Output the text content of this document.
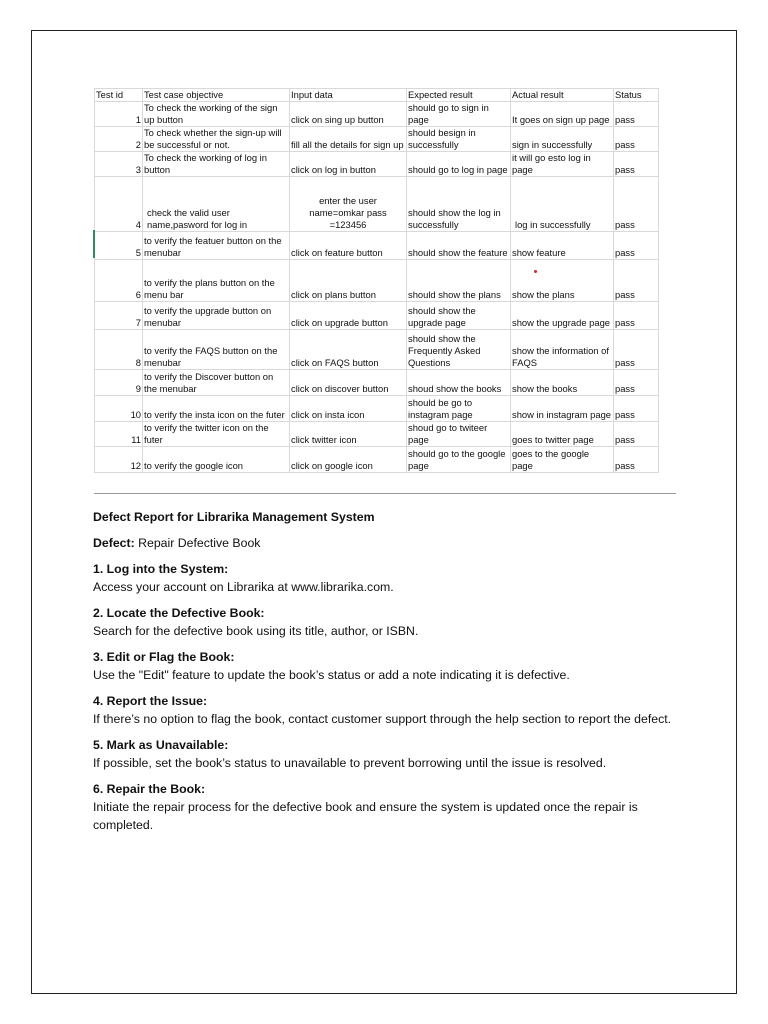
Test id	Test case objective	Input data	Expected result	Actual result	Status
1	To check the working of the sign up button	click on sing up button	should go to sign in page	It goes on sign up page	pass
2	To check whether the sign-up will be successful or not.	fill all the details for sign up	should besign in successfully	sign in successfully	pass
3	To check the working of log in button	click on log in button	should go to log in page	it will go esto log in page	pass
4	check the valid user name,pasword for log in	enter the user name=omkar pass =123456	should show the log in successfully	log in successfully	pass
5	to verify the featuer button on the menubar	click on feature button	should show the feature	show feature	pass
6	to verify the plans button on the menu bar	click on plans button	should show the plans	show the plans	pass
7	to verify the upgrade button on menubar	click on upgrade button	should show the upgrade page	show the upgrade page	pass
8	to verify the FAQS button on the menubar	click on FAQS button	should show the Frequently Asked Questions	show the information of FAQS	pass
9	to verify the Discover button on the menubar	click on discover button	shoud show the books	show the books	pass
10	to verify the insta icon on the futer	click on insta icon	should be go to instagram page	show in instagram page	pass
11	to verify the twitter icon on the futer	click twitter icon	shoud go to twiteer page	goes to twitter page	pass
12	to verify the google icon	click on google icon	should go to the google page	goes to the google page	pass
Defect Report for Librarika Management System

Defect: Repair Defective Book

1. Log into the System:

Access your account on Librarika at www.librarika.com.

2. Locate the Defective Book:

Search for the defective book using its title, author, or ISBN.

3. Edit or Flag the Book:

Use the "Edit" feature to update the book’s status or add a note indicating it is defective.

4. Report the Issue:

If there’s no option to flag the book, contact customer support through the help section to report the defect.

5. Mark as Unavailable:

If possible, set the book’s status to unavailable to prevent borrowing until the issue is resolved.

6. Repair the Book:

Initiate the repair process for the defective book and ensure the system is updated once the repair is completed.
